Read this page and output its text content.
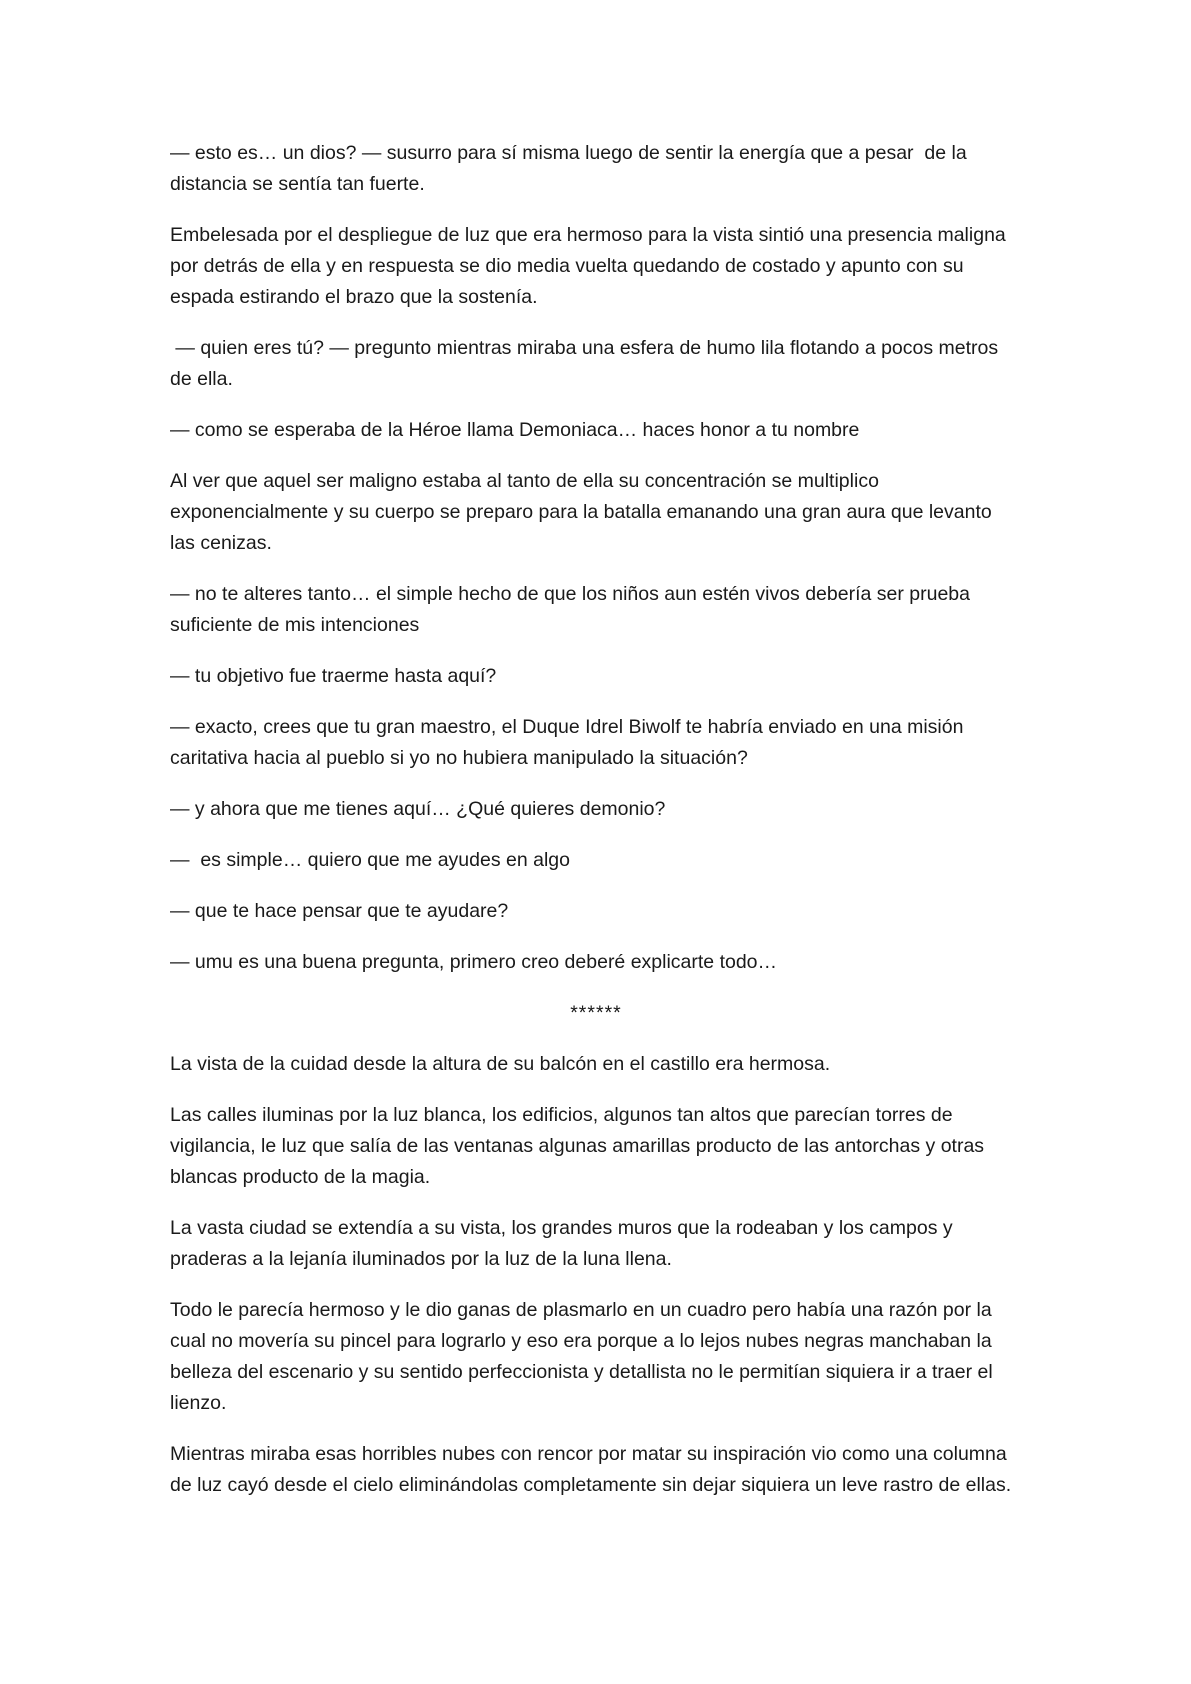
— esto es… un dios? — susurro para sí misma luego de sentir la energía que a pesar  de la distancia se sentía tan fuerte.

Embelesada por el despliegue de luz que era hermoso para la vista sintió una presencia maligna por detrás de ella y en respuesta se dio media vuelta quedando de costado y apunto con su espada estirando el brazo que la sostenía.

— quien eres tú? — pregunto mientras miraba una esfera de humo lila flotando a pocos metros de ella.

— como se esperaba de la Héroe llama Demoniaca… haces honor a tu nombre

Al ver que aquel ser maligno estaba al tanto de ella su concentración se multiplico exponencialmente y su cuerpo se preparo para la batalla emanando una gran aura que levanto las cenizas.

— no te alteres tanto… el simple hecho de que los niños aun estén vivos debería ser prueba suficiente de mis intenciones

— tu objetivo fue traerme hasta aquí?

— exacto, crees que tu gran maestro, el Duque Idrel Biwolf te habría enviado en una misión caritativa hacia al pueblo si yo no hubiera manipulado la situación?

— y ahora que me tienes aquí… ¿Qué quieres demonio?

—  es simple… quiero que me ayudes en algo

— que te hace pensar que te ayudare?

— umu es una buena pregunta, primero creo deberé explicarte todo…

******

La vista de la cuidad desde la altura de su balcón en el castillo era hermosa.

Las calles iluminas por la luz blanca, los edificios, algunos tan altos que parecían torres de vigilancia, le luz que salía de las ventanas algunas amarillas producto de las antorchas y otras blancas producto de la magia.

La vasta ciudad se extendía a su vista, los grandes muros que la rodeaban y los campos y praderas a la lejanía iluminados por la luz de la luna llena.

Todo le parecía hermoso y le dio ganas de plasmarlo en un cuadro pero había una razón por la cual no movería su pincel para lograrlo y eso era porque a lo lejos nubes negras manchaban la belleza del escenario y su sentido perfeccionista y detallista no le permitían siquiera ir a traer el lienzo.

Mientras miraba esas horribles nubes con rencor por matar su inspiración vio como una columna de luz cayó desde el cielo eliminándolas completamente sin dejar siquiera un leve rastro de ellas.
